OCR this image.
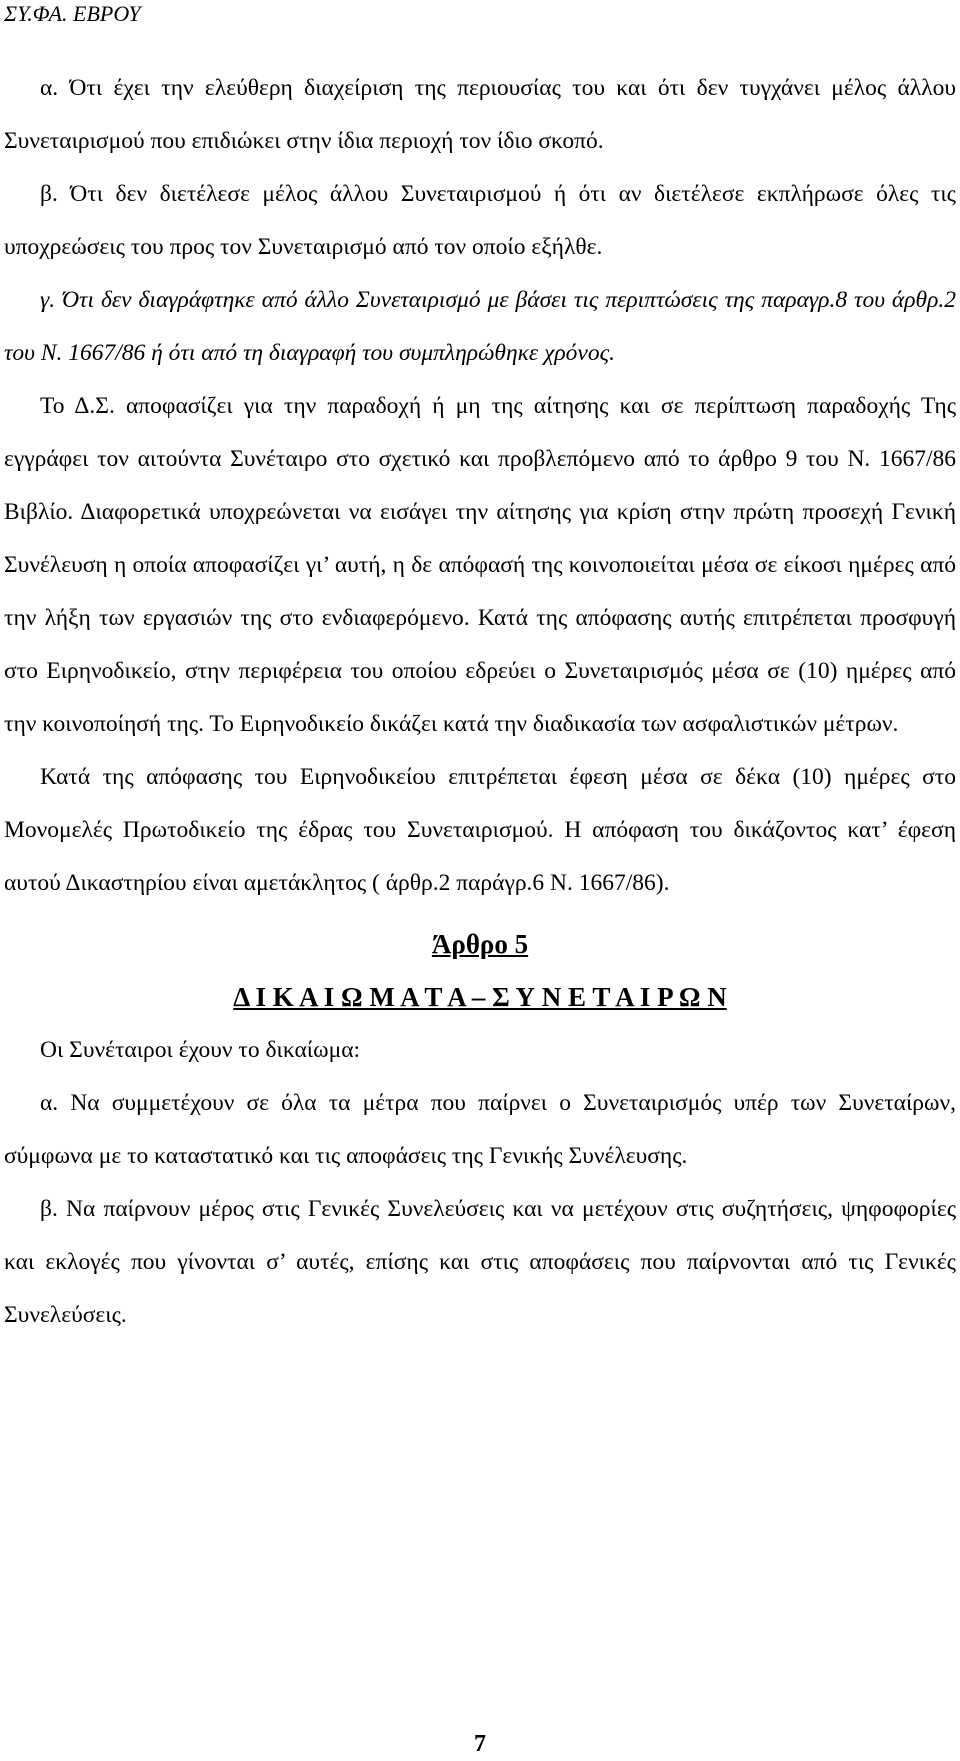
ΣΥ.ΦΑ. ΕΒΡΟΥ

α. Ότι έχει την ελεύθερη διαχείριση της περιουσίας του και ότι δεν τυγχάνει μέλος άλλου Συνεταιρισμού που επιδιώκει στην ίδια περιοχή τον ίδιο σκοπό.

β. Ότι δεν διετέλεσε μέλος άλλου Συνεταιρισμού ή ότι αν διετέλεσε εκπλήρωσε όλες τις υποχρεώσεις του προς τον Συνεταιρισμό από τον οποίο εξήλθε.

γ. Ότι δεν διαγράφτηκε από άλλο Συνεταιρισμό με βάσει τις περιπτώσεις της παραγρ.8 του άρθρ.2 του Ν. 1667/86 ή ότι από τη διαγραφή του συμπληρώθηκε χρόνος.

Το Δ.Σ. αποφασίζει για την παραδοχή ή μη της αίτησης και σε περίπτωση παραδοχής Της εγγράφει τον αιτούντα Συνέταιρο στο σχετικό και προβλεπόμενο από το άρθρο 9 του Ν. 1667/86 Βιβλίο. Διαφορετικά υποχρεώνεται να εισάγει την αίτησης για κρίση στην πρώτη προσεχή Γενική Συνέλευση η οποία αποφασίζει γι’ αυτή, η δε απόφασή της κοινοποιείται μέσα σε είκοσι ημέρες από την λήξη των εργασιών της στο ενδιαφερόμενο. Κατά της απόφασης αυτής επιτρέπεται προσφυγή στο Ειρηνοδικείο, στην περιφέρεια του οποίου εδρεύει ο Συνεταιρισμός μέσα σε (10) ημέρες από την κοινοποίησή της. Το Ειρηνοδικείο δικάζει κατά την διαδικασία των ασφαλιστικών μέτρων.

Κατά της απόφασης του Ειρηνοδικείου επιτρέπεται έφεση μέσα σε δέκα (10) ημέρες στο Μονομελές Πρωτοδικείο της έδρας του Συνεταιρισμού. Η απόφαση του δικάζοντος κατ’ έφεση αυτού Δικαστηρίου είναι αμετάκλητος ( άρθρ.2 παράγρ.6 Ν. 1667/86).

Άρθρο 5

Δ Ι Κ Α Ι Ω Μ Α Τ Α – Σ Υ Ν Ε Τ Α Ι Ρ Ω Ν

Οι Συνέταιροι έχουν το δικαίωμα:

α. Να συμμετέχουν σε όλα τα μέτρα που παίρνει ο Συνεταιρισμός υπέρ των Συνεταίρων, σύμφωνα με το καταστατικό και τις αποφάσεις της Γενικής Συνέλευσης.

β. Να παίρνουν μέρος στις Γενικές Συνελεύσεις και να μετέχουν στις συζητήσεις, ψηφοφορίες και εκλογές που γίνονται σ’ αυτές, επίσης και στις αποφάσεις που παίρνονται από τις Γενικές Συνελεύσεις.

7
